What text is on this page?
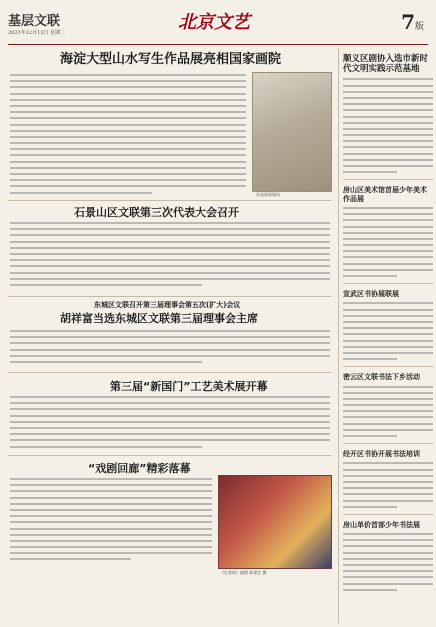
基层文联
2021年12月13日 星期二	北京文艺	7版
海淀大型山水写生作品展亮相国家画院
作品展现现场
石景山区文联第三次代表大会召开
东城区文联召开第三届理事会第五次(扩大)会议
胡祥富当选东城区文联第三届理事会主席
第三届“新国门”工艺美术展开幕
“戏剧回廊”精彩落幕
《打金枝》剧照 陈建亿 摄
顺义区剧协入选市新时代文明实践示范基地
房山区美术馆首届少年美术作品展
宣武区书协展联展
密云区文联书法下乡活动
经开区书协开展书法培训
房山单价首部少年书法展
